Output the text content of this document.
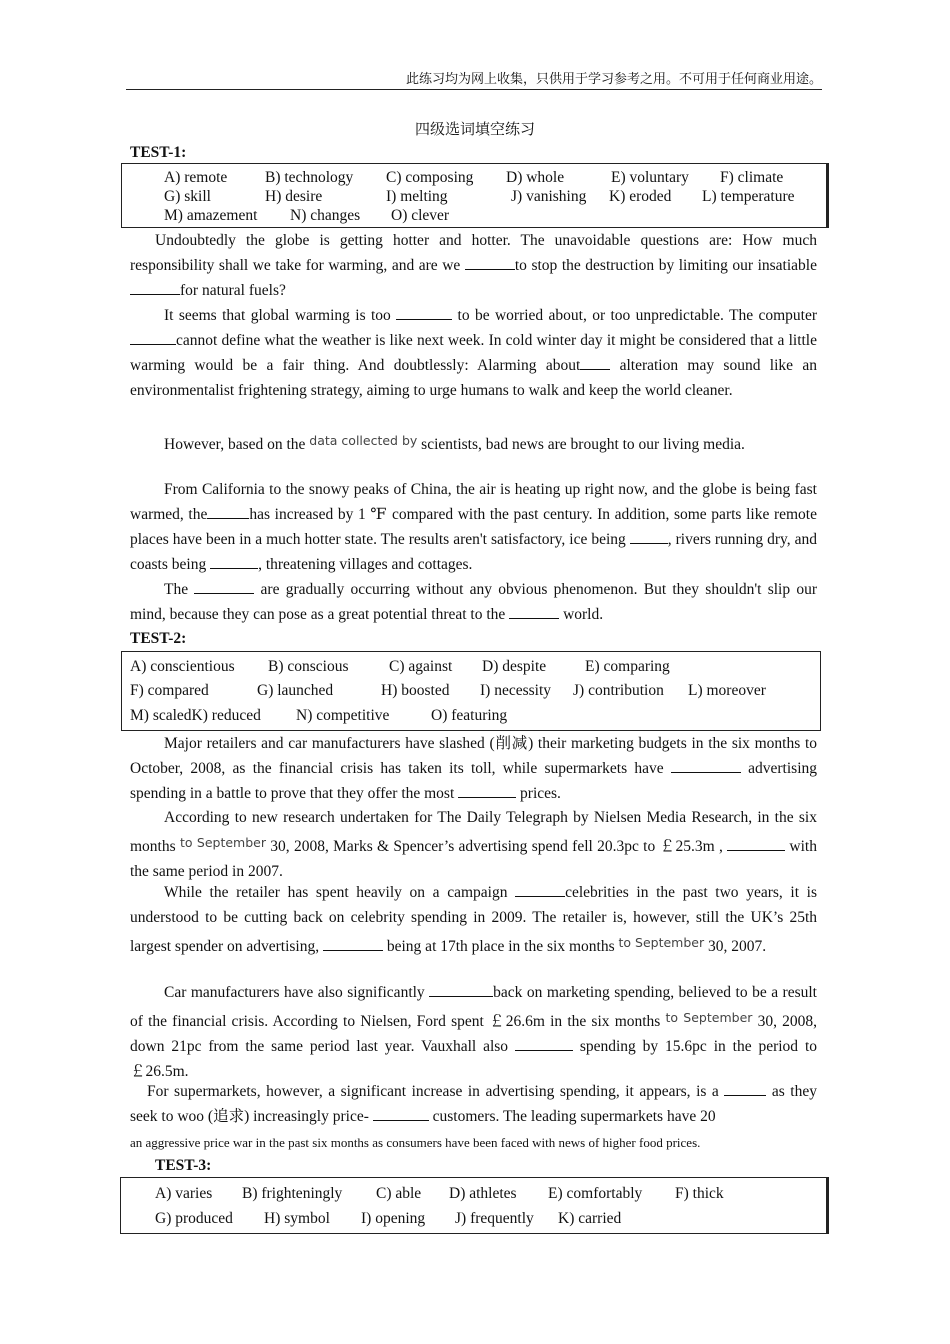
此练习均为网上收集，只供用于学习参考之用。不可用于任何商业用途。
四级选词填空练习
TEST-1:
A) remote B) technology C) composing D) whole	E) voluntary F) climate
G) skill	H) desire	I) melting	J) vanishing K) eroded L) temperature
M) amazement N) changes O) clever

Undoubtedly the globe is getting hotter and hotter. The unavoidable questions are: How much responsibility shall we take for warming, and are we	to stop the destruction by limiting our insatiablefor natural fuels?

It seems that global warming is too	to be worried about, or too unpredictable. The computercannot define what the weather is like next week. In cold winter day it might be considered that a little warming would be a fair thing. And doubtlessly: Alarming about	alteration may sound like an environmentalist frightening strategy, aiming to urge humans to walk and keep the world cleaner.

However, based on the $^{data collected by}$ scientists, bad news are brought to our living media.

From California to the snowy peaks of China, the air is heating up right now, and the globe is being fast warmed, the	has increased by 1 ℉ compared with the past century. In addition, some parts like remote places have been in a much hotter state. The results aren't satisfactory, ice being , rivers running dry, and coasts being	, threatening villages and cottages.

The	are gradually occurring without any obvious phenomenon. But they shouldn't slip our mind, because they can pose as a great potential threat to the	world.

TEST-2:
A) conscientious B) conscious	C) against D) despite	E) comparing
F) compared	G) launched	H) boosted I) necessity J) contribution L) moreover
M) scaledK) reduced N) competitive	O) featuring

Major retailers and car manufacturers have slashed (削减) their marketing budgets in the six months to October, 2008, as the financial crisis has taken its toll, while supermarkets have	advertising spending in a battle to prove that they offer the most	prices.

According to new research undertaken for The Daily Telegraph by Nielsen Media Research, in the six months $^{to September}$ 30, 2008, Marks & Spencer’s advertising spend fell 20.3pc to ￡25.3m ,	with the same period in 2007.

While the retailer has spent heavily on a campaign	celebrities in the past two years, it is understood to be cutting back on celebrity spending in 2009. The retailer is, however, still the UK’s 25th largest spender on advertising,	being at 17th place in the six months $^{to September}$ 30, 2007.

Car manufacturers have also significantly	back on marketing spending, believed to be a result of the financial crisis. According to Nielsen, Ford spent ￡26.6m in the six months $^{to September}$ 30, 2008, down 21pc from the same period last year. Vauxhall also	spending by 15.6pc in the period to ￡26.5m.

For supermarkets, however, a significant increase in advertising spending, it appears, is a	as they seek to woo (追求) increasingly price-	customers. The leading supermarkets have 20

an aggressive price war in the past six months as consumers have been faced with news of higher food prices.
TEST-3:
A) varies B) frighteningly C) able D) athletes E) comfortably F) thick
G) produced H) symbol I) opening J) frequently K) carried
